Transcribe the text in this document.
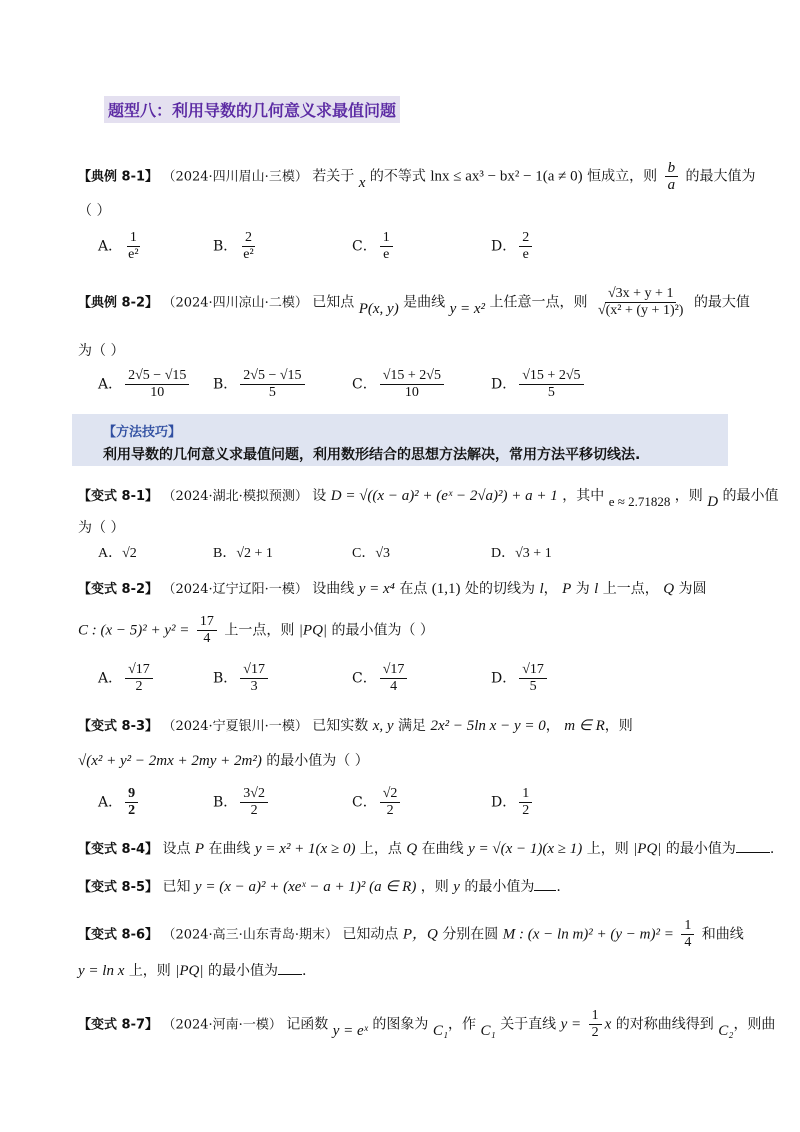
题型八：利用导数的几何意义求最值问题
【典例 8-1】 （2024·四川眉山·三模） 若关于 x 的不等式 lnx ≤ ax³ − bx² − 1(a ≠ 0) 恒成立，则 $\frac{b}{a}$ 的最大值为
（ ）
A． $\frac{1}{\text{e²}}$	B． $\frac{2}{\text{e²}}$	C． $\frac{1}{e}$	D． $\frac{2}{e}$
【典例 8-2】 （2024·四川凉山·二模） 已知点 P(x, y) 是曲线 y = x² 上任意一点，则 $\frac{√3x + y + 1}{\text{√(x² + (y + 1)²)}}$ 的最大值
为（ ）
A． $\frac{2√5 - √15}{10}$ B． $\frac{2√5 - √15}{5}$	C． $\frac{√15 + 2√5}{10}$	D． $\frac{√15 + 2√5}{5}$
【方法技巧】
利用导数的几何意义求最值问题，利用数形结合的思想方法解决，常用方法平移切线法.
【变式 8-1】 （2024·湖北·模拟预测） 设 D = √((x − a)² + (eˣ − 2√a)²) + a + 1 ，其中 e ≈ 2.71828 ，则 D 的最小值
为（ ）
A．√2	B．√2 + 1	C．√3	D．√3 + 1
【变式 8-2】 （2024·辽宁辽阳·一模） 设曲线 y = x⁴ 在点 (1,1) 处的切线为 l， P 为 l 上一点， Q 为圆
C : $(x - 5)^2 + y^2 = \frac{17}{4}$ 上一点，则 |PQ| 的最小值为（ ）
A． $\frac{√17}{2}$	B． $\frac{√17}{3}$	C． $\frac{√17}{4}$	D． $\frac{√17}{5}$
【变式 8-3】 （2024·宁夏银川·一模） 已知实数 x, y 满足 2x² − 5ln x − y = 0， m ∈ R，则
√(x² + y² − 2mx + 2my + 2m²) 的最小值为（ ）
A． $\frac{9}{2}$	B． $\frac{3√2}{2}$	C． $\frac{√2}{2}$	D． $\frac{1}{2}$
【变式 8-4】 设点 P 在曲线 y = x² + 1(x ≥ 0) 上，点 Q 在曲线 y = √(x − 1)(x ≥ 1) 上，则 |PQ| 的最小值为 .
【变式 8-5】 已知 y = (x − a)² + (xeˣ − a + 1)² (a ∈ R) ，则 y 的最小值为 .
【变式 8-6】 （2024·高三·山东青岛·期末） 已知动点 P，Q 分别在圆 M : $(x - \ln m)^2 + (y - m)^2 = \frac{1}{4}$ 和曲线
y = ln x 上，则 |PQ| 的最小值为 .
【变式 8-7】 （2024·河南·一模） 记函数 y = eˣ 的图象为 C₁，作 C₁ 关于直线 $y = \frac{1}{2}$ x 的对称曲线得到 C₂，则曲
